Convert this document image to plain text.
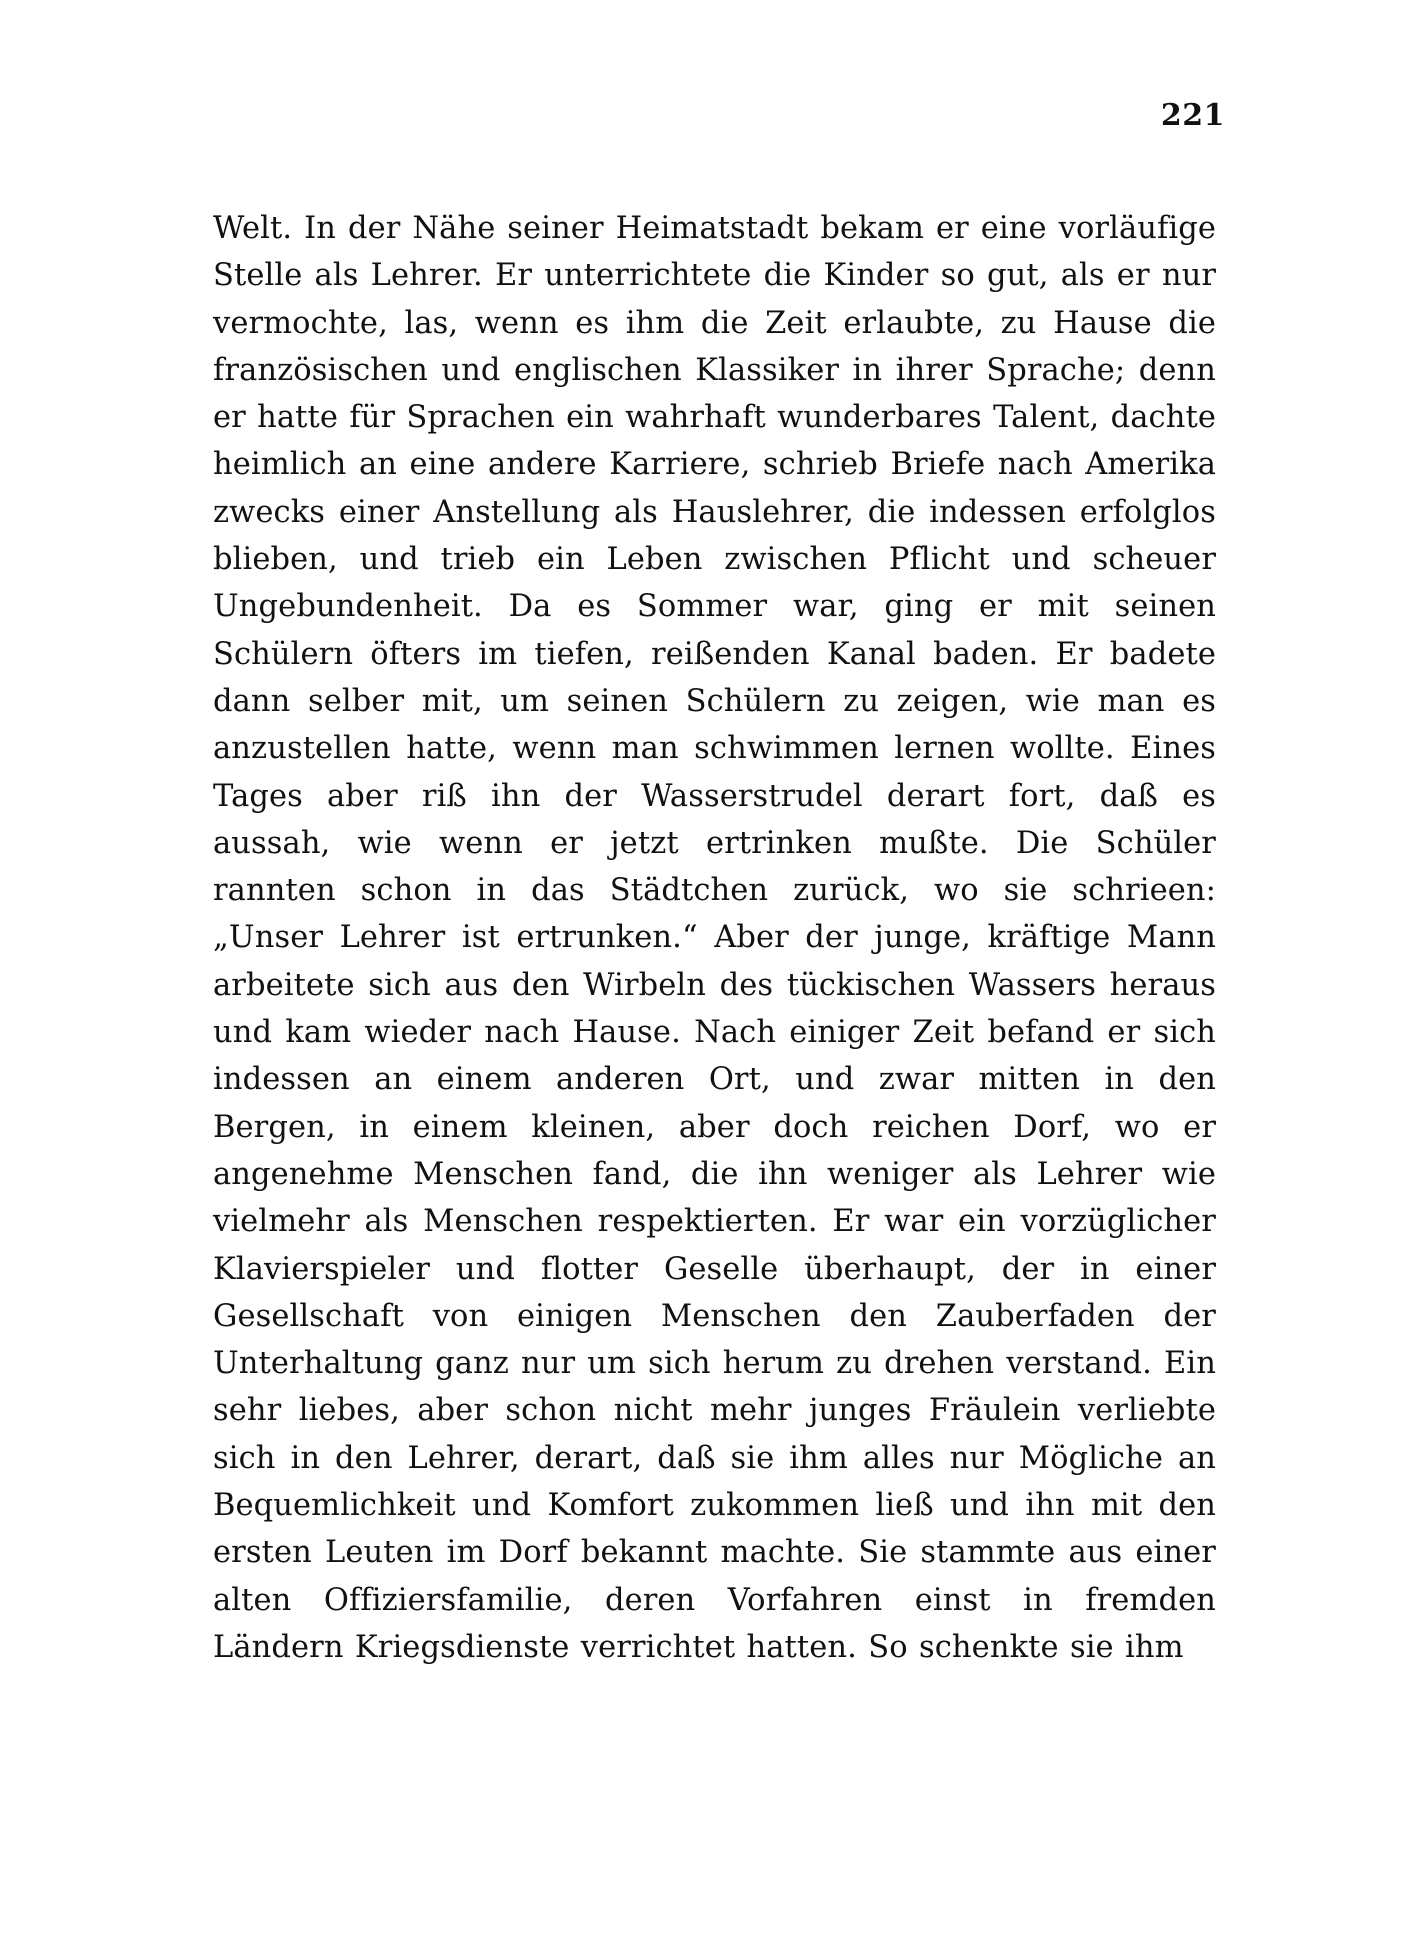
221

Welt. In der Nähe seiner Heimatstadt bekam er eine vorläufige Stelle als Lehrer. Er unterrichtete die Kinder so gut, als er nur vermochte, las, wenn es ihm die Zeit erlaubte, zu Hause die französischen und englischen Klassiker in ihrer Sprache; denn er hatte für Sprachen ein wahrhaft wunderbares Talent, dachte heimlich an eine andere Karriere, schrieb Briefe nach Amerika zwecks einer Anstellung als Hauslehrer, die indessen erfolglos blieben, und trieb ein Leben zwischen Pflicht und scheuer Ungebundenheit. Da es Sommer war, ging er mit seinen Schülern öfters im tiefen, reißenden Kanal baden. Er badete dann selber mit, um seinen Schülern zu zeigen, wie man es anzustellen hatte, wenn man schwimmen lernen wollte. Eines Tages aber riß ihn der Wasserstrudel derart fort, daß es aussah, wie wenn er jetzt ertrinken mußte. Die Schüler rannten schon in das Städtchen zurück, wo sie schrieen: „Unser Lehrer ist ertrunken.“ Aber der junge, kräftige Mann arbeitete sich aus den Wirbeln des tückischen Wassers heraus und kam wieder nach Hause. Nach einiger Zeit befand er sich indessen an einem anderen Ort, und zwar mitten in den Bergen, in einem kleinen, aber doch reichen Dorf, wo er angenehme Menschen fand, die ihn weniger als Lehrer wie vielmehr als Menschen respektierten. Er war ein vorzüglicher Klavierspieler und flotter Geselle überhaupt, der in einer Gesellschaft von einigen Menschen den Zauberfaden der Unterhaltung ganz nur um sich herum zu drehen verstand. Ein sehr liebes, aber schon nicht mehr junges Fräulein verliebte sich in den Lehrer, derart, daß sie ihm alles nur Mögliche an Bequemlichkeit und Komfort zukommen ließ und ihn mit den ersten Leuten im Dorf bekannt machte. Sie stammte aus einer alten Offiziersfamilie, deren Vorfahren einst in fremden Ländern Kriegsdienste verrichtet hatten. So schenkte sie ihm
